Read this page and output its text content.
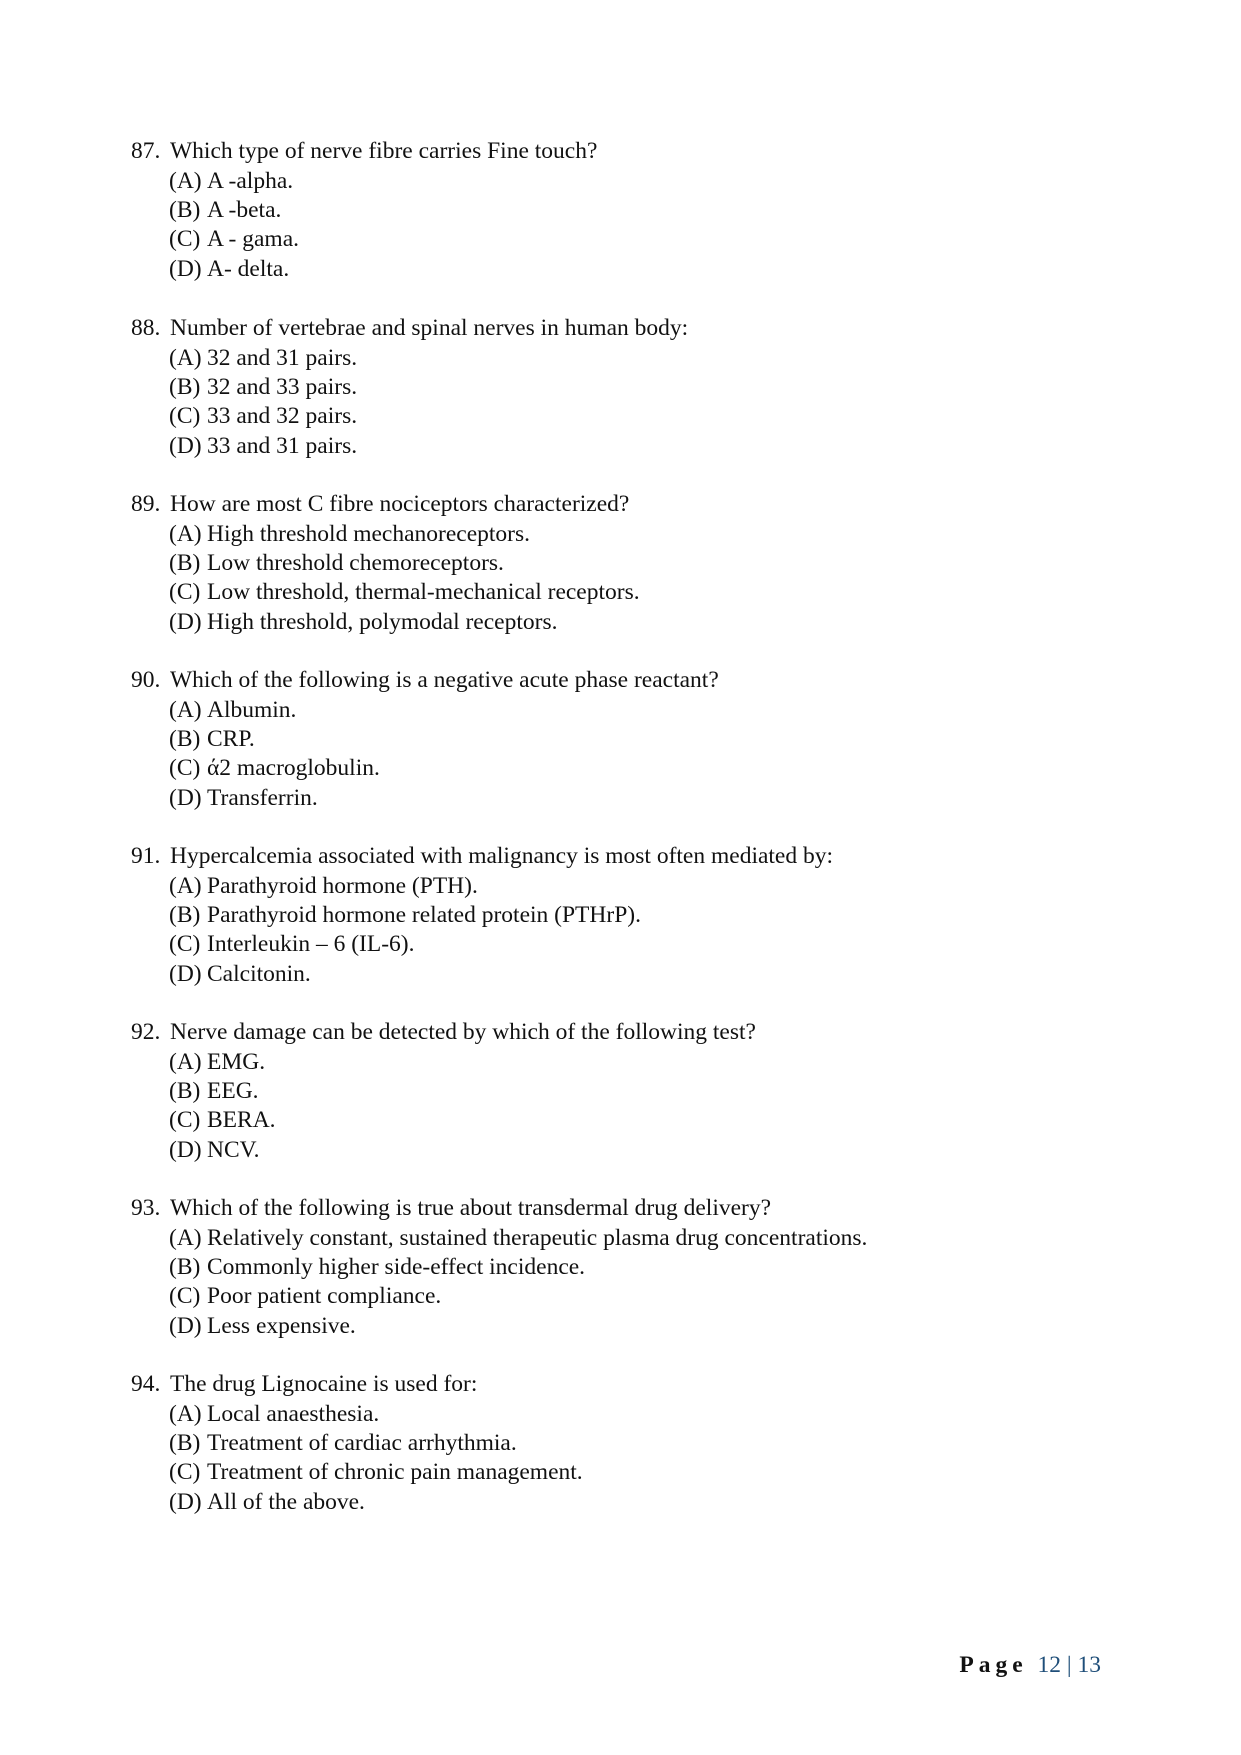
87. Which type of nerve fibre carries Fine touch?
(A) A -alpha.
(B) A -beta.
(C) A - gama.
(D) A- delta.
88. Number of vertebrae and spinal nerves in human body:
(A) 32 and 31 pairs.
(B) 32 and 33 pairs.
(C) 33 and 32 pairs.
(D) 33 and 31 pairs.
89. How are most C fibre nociceptors characterized?
(A) High threshold mechanoreceptors.
(B) Low threshold chemoreceptors.
(C) Low threshold, thermal-mechanical receptors.
(D) High threshold, polymodal receptors.
90. Which of the following is a negative acute phase reactant?
(A) Albumin.
(B) CRP.
(C) ά2 macroglobulin.
(D) Transferrin.
91. Hypercalcemia associated with malignancy is most often mediated by:
(A) Parathyroid hormone (PTH).
(B) Parathyroid hormone related protein (PTHrP).
(C) Interleukin – 6 (IL-6).
(D) Calcitonin.
92. Nerve damage can be detected by which of the following test?
(A) EMG.
(B) EEG.
(C) BERA.
(D) NCV.
93. Which of the following is true about transdermal drug delivery?
(A) Relatively constant, sustained therapeutic plasma drug concentrations.
(B) Commonly higher side-effect incidence.
(C) Poor patient compliance.
(D) Less expensive.
94. The drug Lignocaine is used for:
(A) Local anaesthesia.
(B) Treatment of cardiac arrhythmia.
(C) Treatment of chronic pain management.
(D) All of the above.
Page 12 | 13
